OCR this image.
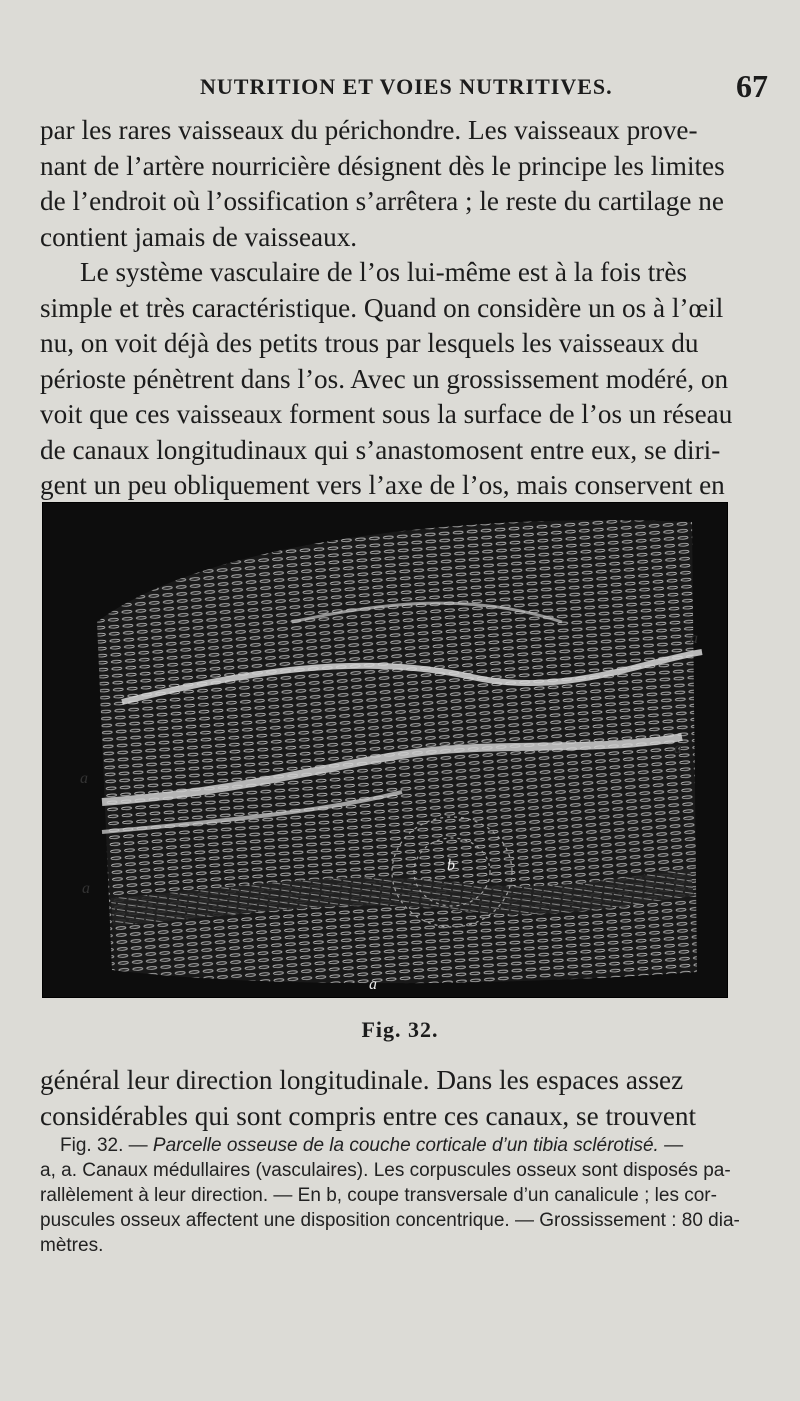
NUTRITION ET VOIES NUTRITIVES.	67
par les rares vaisseaux du périchondre. Les vaisseaux prove-
nant de l’artère nourricière désignent dès le principe les limites
de l’endroit où l’ossification s’arrêtera ; le reste du cartilage ne
contient jamais de vaisseaux.
Le système vasculaire de l’os lui-même est à la fois très
simple et très caractéristique. Quand on considère un os à l’œil
nu, on voit déjà des petits trous par lesquels les vaisseaux du
périoste pénètrent dans l’os. Avec un grossissement modéré, on
voit que ces vaisseaux forment sous la surface de l’os un réseau
de canaux longitudinaux qui s’anastomosent entre eux, se diri-
gent un peu obliquement vers l’axe de l’os, mais conservent en
a
a
a
b
a
a
Fig. 32.
général leur direction longitudinale. Dans les espaces assez
considérables qui sont compris entre ces canaux, se trouvent
Fig. 32. — Parcelle osseuse de la couche corticale d’un tibia sclérotisé. —
a, a. Canaux médullaires (vasculaires). Les corpuscules osseux sont disposés pa-
rallèlement à leur direction. — En b, coupe transversale d’un canalicule ; les cor-
puscules osseux affectent une disposition concentrique. — Grossissement : 80 dia-
mètres.
